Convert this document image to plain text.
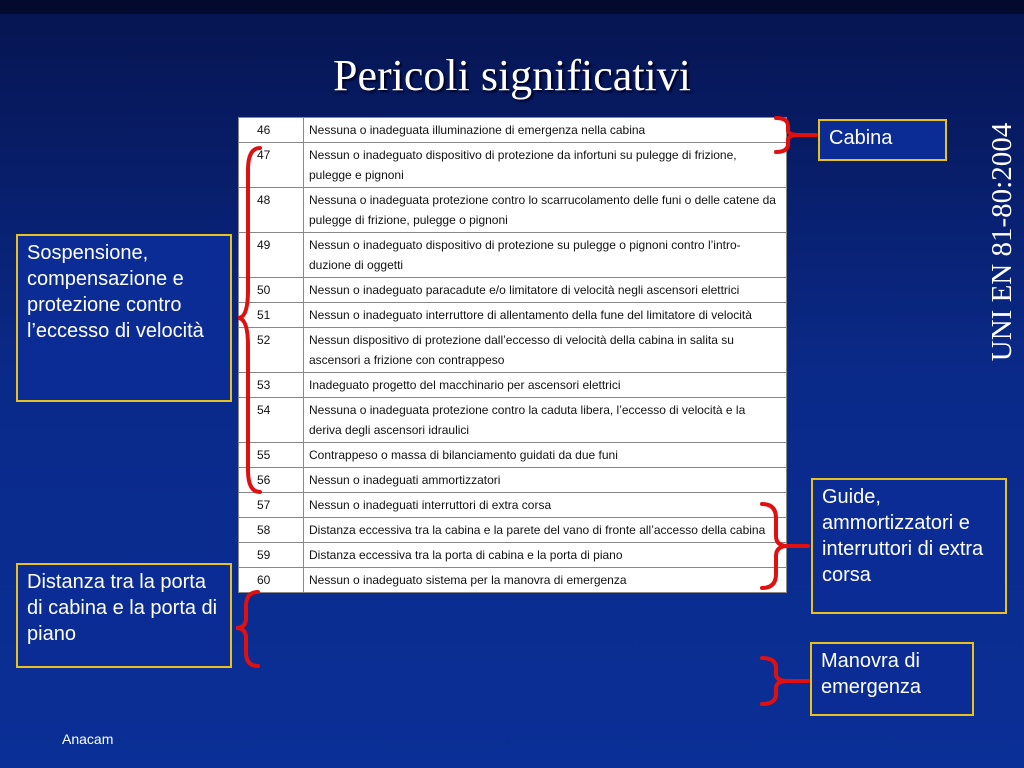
Pericoli significativi
UNI EN 81-80:2004
46	Nessuna o inadeguata illuminazione di emergenza nella cabina
47	Nessun o inadeguato dispositivo di protezione da infortuni su pulegge di frizione, pulegge e pignoni
48	Nessuna o inadeguata protezione contro lo scarrucolamento delle funi o delle catene da pulegge di frizione, pulegge o pignoni
49	Nessun o inadeguato dispositivo di protezione su pulegge o pignoni contro l’intro-duzione di oggetti
50	Nessun o inadeguato paracadute e/o limitatore di velocità negli ascensori elettrici
51	Nessun o inadeguato interruttore di allentamento della fune del limitatore di velocità
52	Nessun dispositivo di protezione dall’eccesso di velocità della cabina in salita su ascensori a frizione con contrappeso
53	Inadeguato progetto del macchinario per ascensori elettrici
54	Nessuna o inadeguata protezione contro la caduta libera, l’eccesso di velocità e la deriva degli ascensori idraulici
55	Contrappeso o massa di bilanciamento guidati da due funi
56	Nessun o inadeguati ammortizzatori
57	Nessun o inadeguati interruttori di extra corsa
58	Distanza eccessiva tra la cabina e la parete del vano di fronte all’accesso della cabina
59	Distanza eccessiva tra la porta di cabina e la porta di piano
60	Nessun o inadeguato sistema per la manovra di emergenza
Cabina
Sospensione, compensazione e protezione contro l’eccesso di velocità
Distanza tra la porta di cabina e la porta di piano
Guide, ammortizzatori e interruttori di extra corsa
Manovra di emergenza
Anacam
